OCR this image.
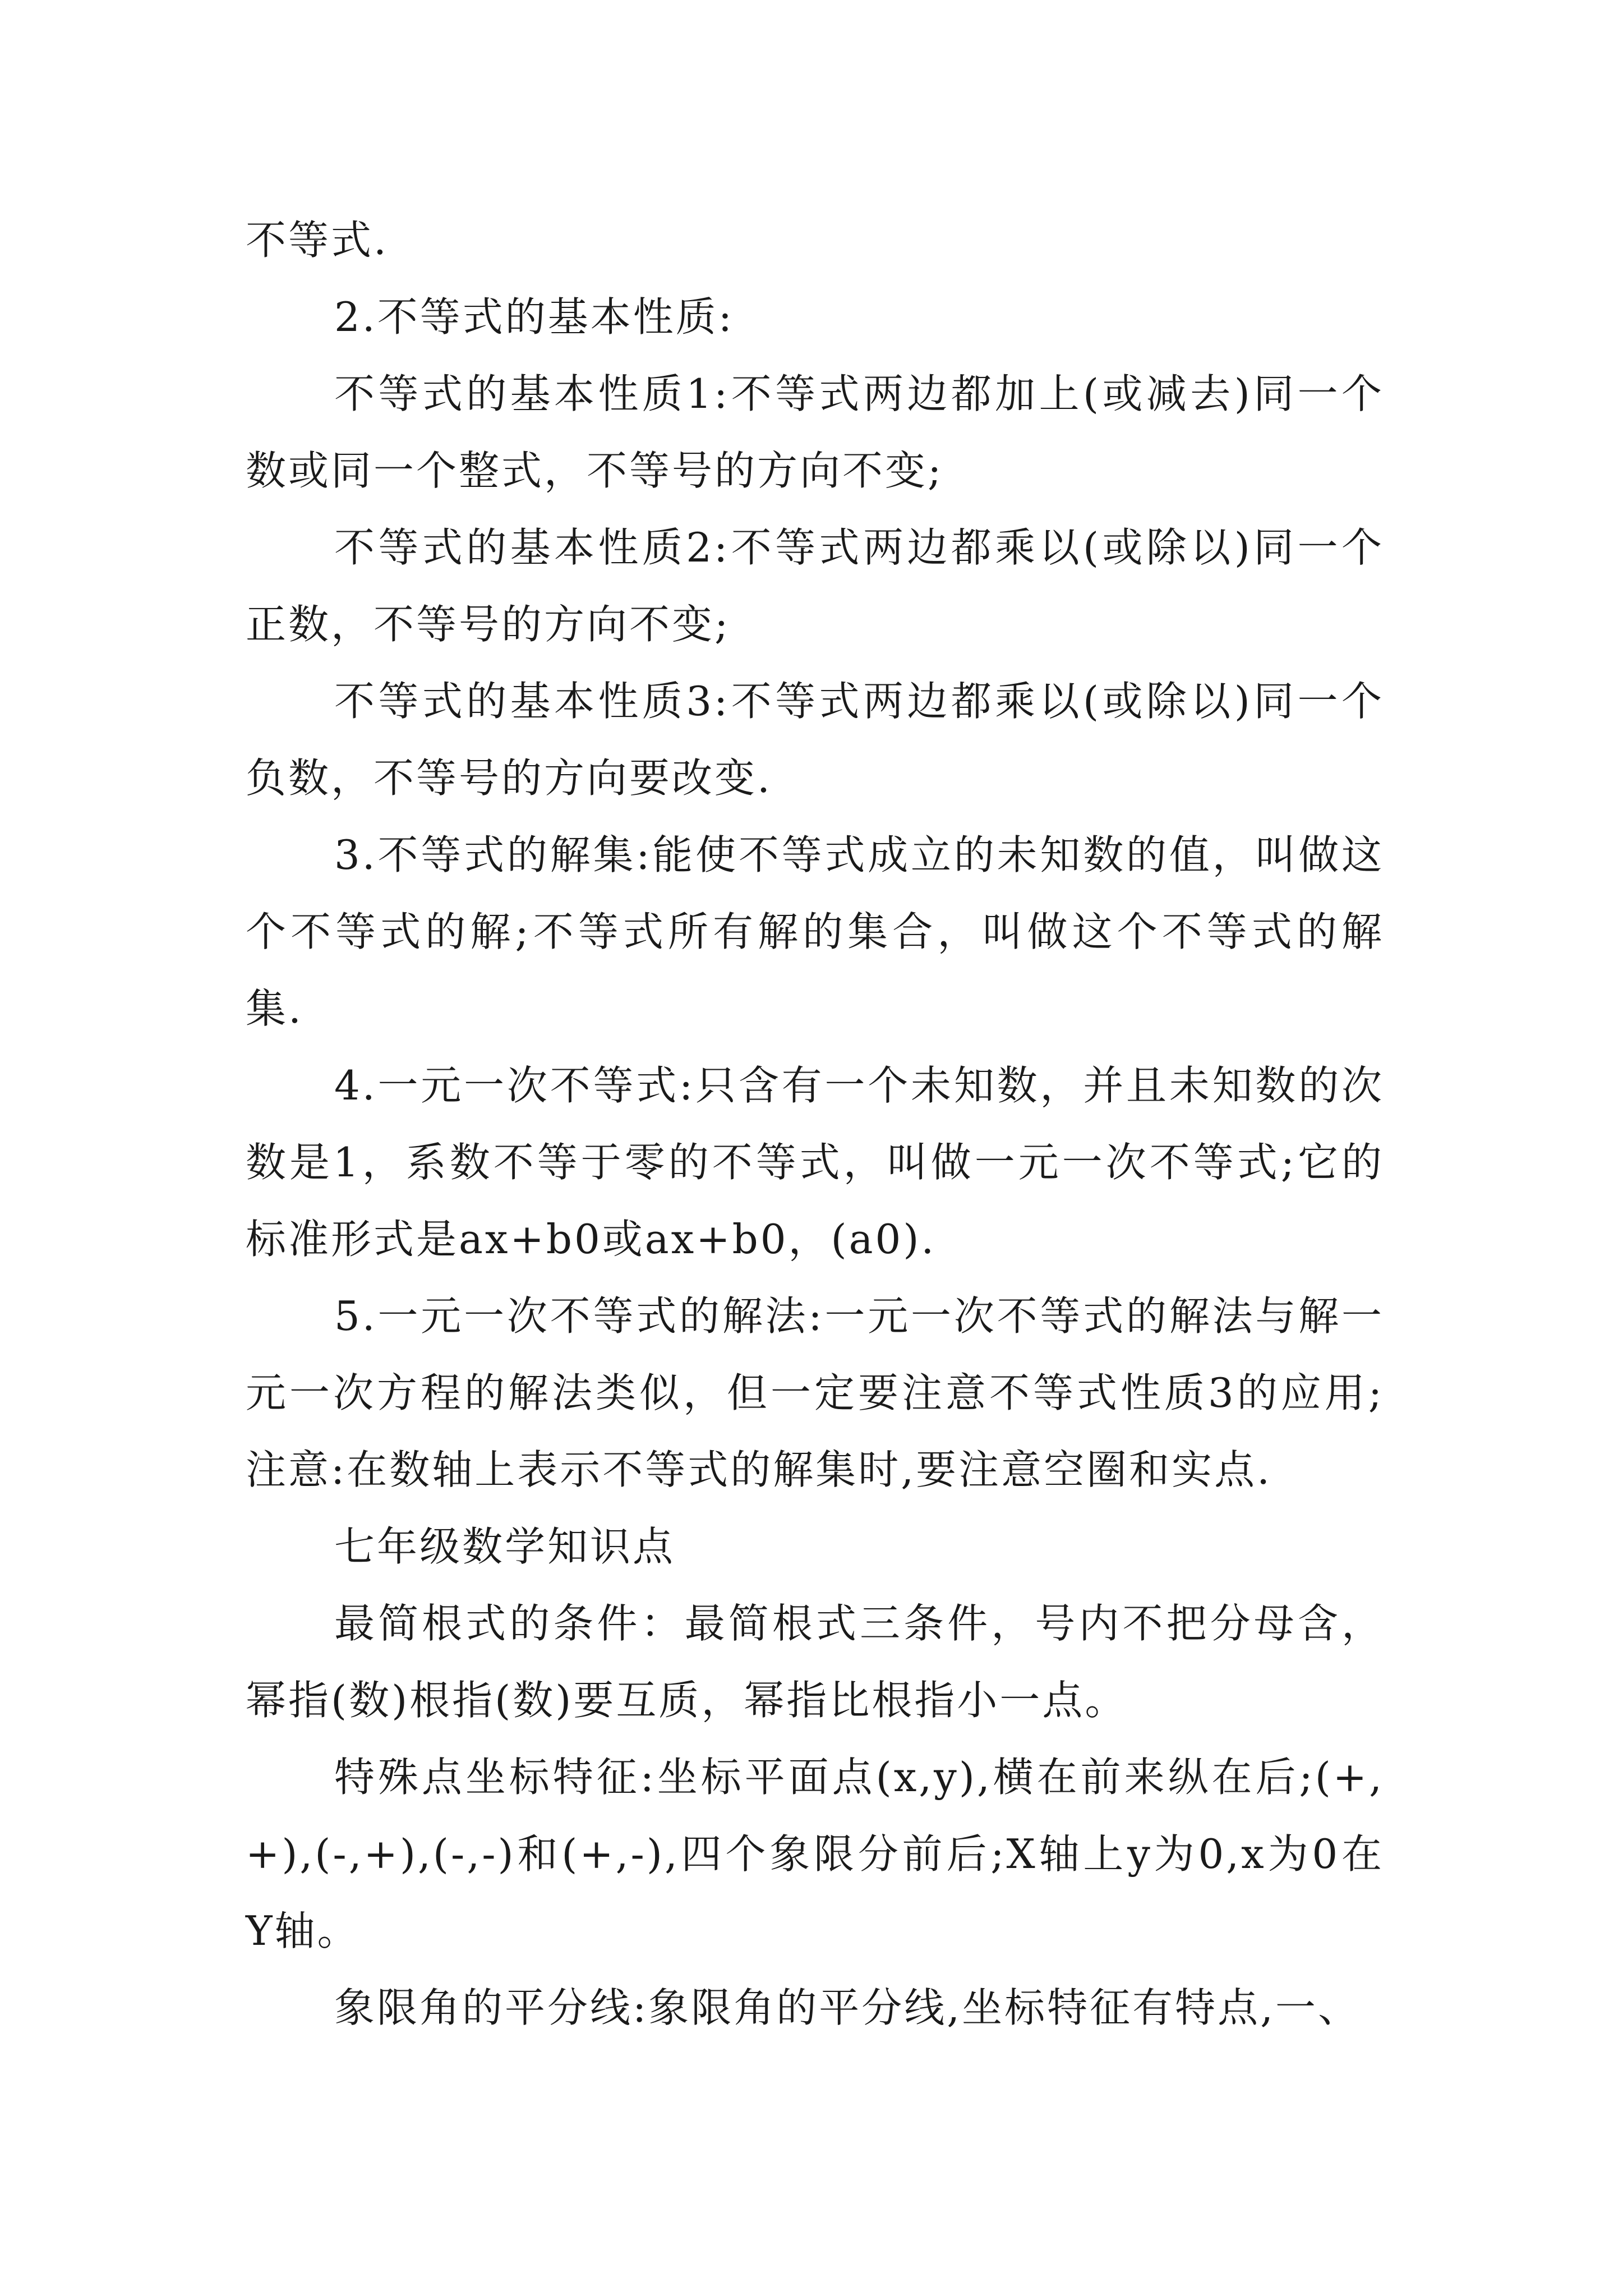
不等式.

2.不等式的基本性质:

不等式的基本性质1:不等式两边都加上(或减去)同一个数或同一个整式，不等号的方向不变;

不等式的基本性质2:不等式两边都乘以(或除以)同一个正数，不等号的方向不变;

不等式的基本性质3:不等式两边都乘以(或除以)同一个负数，不等号的方向要改变.

3.不等式的解集:能使不等式成立的未知数的值，叫做这个不等式的解;不等式所有解的集合，叫做这个不等式的解集.

4.一元一次不等式:只含有一个未知数，并且未知数的次数是1，系数不等于零的不等式，叫做一元一次不等式;它的标准形式是ax+b0或ax+b0，(a0).

5.一元一次不等式的解法:一元一次不等式的解法与解一元一次方程的解法类似，但一定要注意不等式性质3的应用;注意:在数轴上表示不等式的解集时,要注意空圈和实点.

七年级数学知识点

最简根式的条件：最简根式三条件，号内不把分母含，幂指(数)根指(数)要互质，幂指比根指小一点。

特殊点坐标特征:坐标平面点(x,y),横在前来纵在后;(+,+),(-,+),(-,-)和(+,-),四个象限分前后;X轴上y为0,x为0在Y轴。

象限角的平分线:象限角的平分线,坐标特征有特点,一、
